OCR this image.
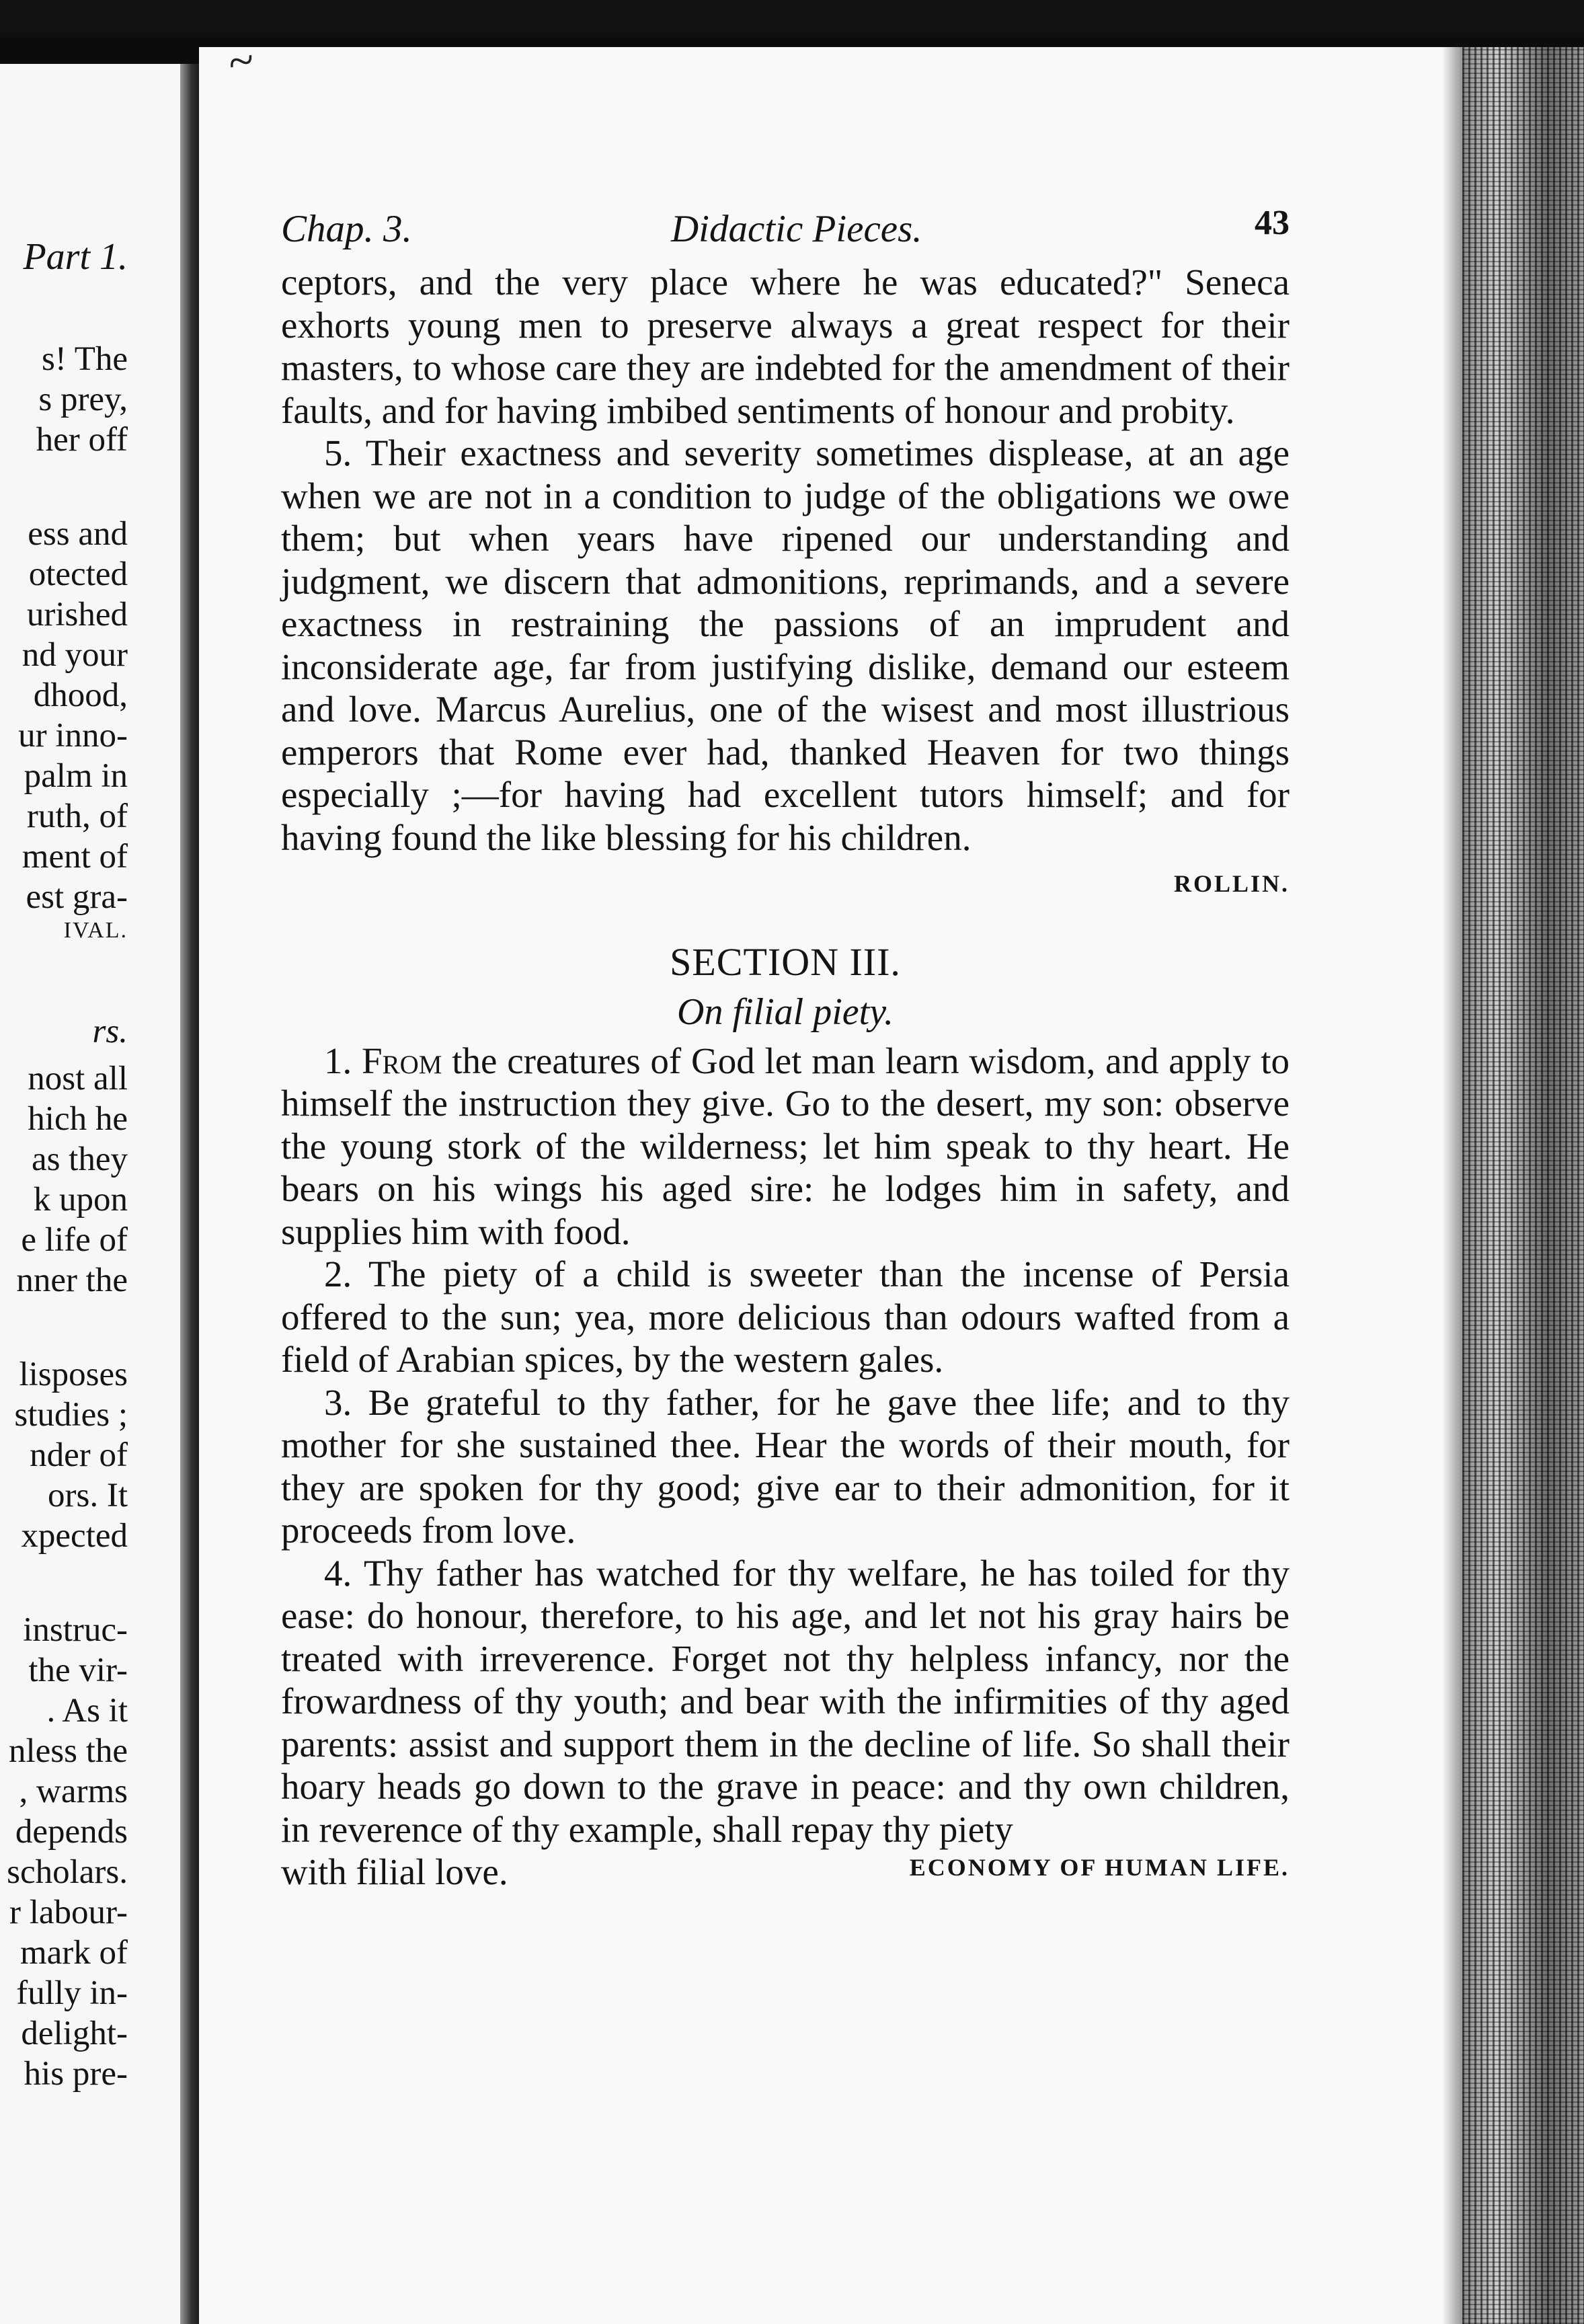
Part 1.
s! The
s prey,
her off
ess and
otected
urished
nd your
dhood,
ur inno-
palm in
ruth, of
ment of
est gra-
IVAL.
rs.
nost all
hich he
as they
k upon
e life of
nner the
lisposes
studies ;
nder of
ors. It
xpected
instruc-
the vir-
. As it
nless the
, warms
depends
scholars.
r labour-
mark of
fully in-
delight-
his pre-
~
Chap. 3.	Didactic Pieces.	43

ceptors, and the very place where he was educated?" Seneca exhorts young men to preserve always a great respect for their masters, to whose care they are indebted for the amendment of their faults, and for having imbibed sentiments of honour and probity.

5. Their exactness and severity sometimes displease, at an age when we are not in a condition to judge of the obligations we owe them; but when years have ripened our understanding and judgment, we discern that admonitions, reprimands, and a severe exactness in restraining the passions of an imprudent and inconsiderate age, far from justifying dislike, demand our esteem and love. Marcus Aurelius, one of the wisest and most illustrious emperors that Rome ever had, thanked Heaven for two things especially ;—for having had excellent tutors himself; and for having found the like blessing for his children.

ROLLIN.
SECTION III.
On filial piety.

1. From the creatures of God let man learn wisdom, and apply to himself the instruction they give. Go to the desert, my son: observe the young stork of the wilderness; let him speak to thy heart. He bears on his wings his aged sire: he lodges him in safety, and supplies him with food.

2. The piety of a child is sweeter than the incense of Persia offered to the sun; yea, more delicious than odours wafted from a field of Arabian spices, by the western gales.

3. Be grateful to thy father, for he gave thee life; and to thy mother for she sustained thee. Hear the words of their mouth, for they are spoken for thy good; give ear to their admonition, for it proceeds from love.

4. Thy father has watched for thy welfare, he has toiled for thy ease: do honour, therefore, to his age, and let not his gray hairs be treated with irreverence. Forget not thy helpless infancy, nor the frowardness of thy youth; and bear with the infirmities of thy aged parents: assist and support them in the decline of life. So shall their hoary heads go down to the grave in peace: and thy own children, in reverence of thy example, shall repay thy piety

with filial love.	ECONOMY OF HUMAN LIFE.
